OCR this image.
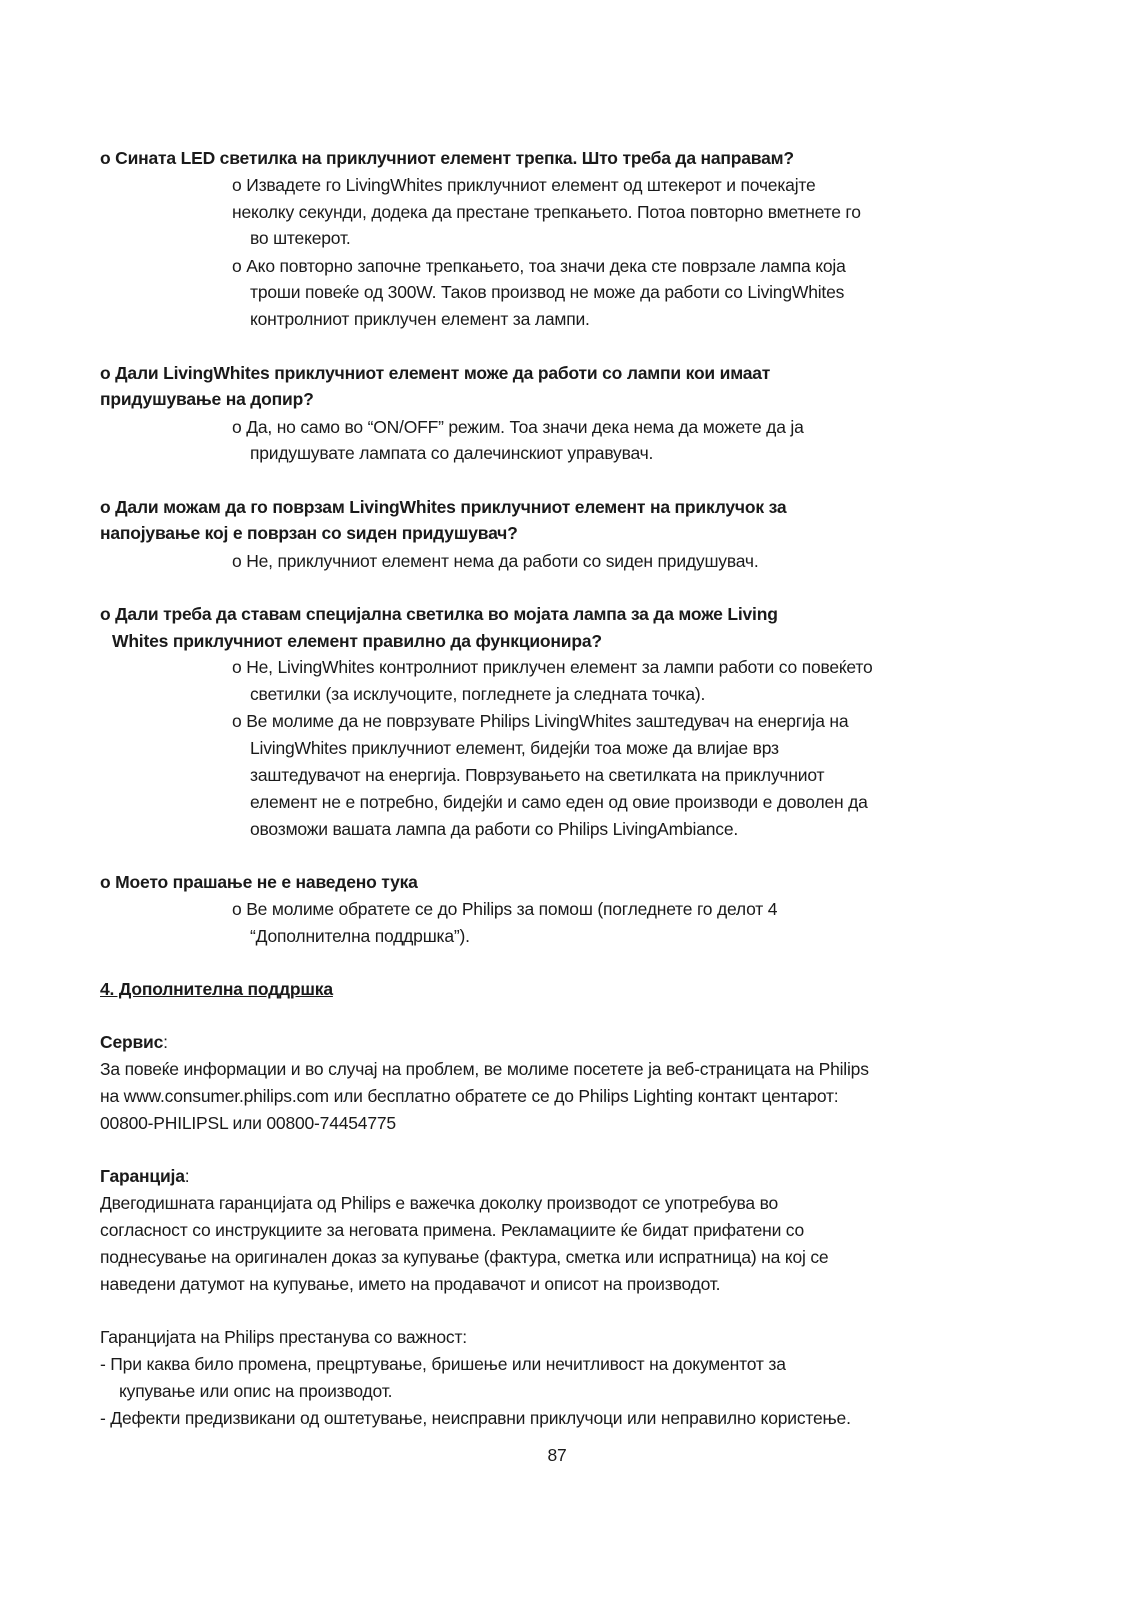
o Сината LED светилка на приклучниот елемент трепка. Што треба да направам?
o Извадете го LivingWhites приклучниот елемент од штекерот и почекајте
неколку секунди, додека да престане трепкањето. Потоа повторно вметнете го
во штекерот.
o Ако повторно започне трепкањето, тоа значи дека сте поврзале лампа која
троши повеќе од 300W. Таков производ не може да работи со LivingWhites
контролниот приклучен елемент за лампи.
o Дали LivingWhites приклучниот елемент може да работи со лампи кои имаат
придушување на допир?
o Да, но само во “ON/OFF” режим. Тоа значи дека нема да можете да ја
придушувате лампата со далечинскиот управувач.
o Дали можам да го поврзам LivingWhites приклучниот елемент на приклучок за
напојување кој е поврзан со ѕиден придушувач?
o Не, приклучниот елемент нема да работи со ѕиден придушувач.
o Дали треба да ставам специјална светилка во мојата лампа за да може Living
Whites приклучниот елемент правилно да функционира?
o Не, LivingWhites контролниот приклучен елемент за лампи работи со повеќето
светилки (за исклучоците, погледнете ја следната точка).
o Ве молиме да не поврзувате Philips LivingWhites заштедувач на енергија на
LivingWhites приклучниот елемент, бидејќи тоа може да влијае врз
заштедувачот на енергија. Поврзувањето на светилката на приклучниот
елемент не е потребно, бидејќи и само еден од овие производи е доволен да
овозможи вашата лампа да работи со Philips LivingAmbiance.
o Моето прашање не е наведено тука
o Ве молиме обратете се до Philips за помош (погледнете го делот 4
“Дополнителна поддршка”).
4. Дополнителна поддршка
Сервис:
За повеќе информации и во случај на проблем, ве молиме посетете ја веб-страницата на Philips
на www.consumer.philips.com или бесплатно обратете се до Philips Lighting контакт центарот:
00800-PHILIPSL или 00800-74454775
Гаранција:
Двегодишната гаранцијата од Philips е важечка доколку производот се употребува во
согласност со инструкциите за неговата примена. Рекламациите ќе бидат прифатени со
поднесување на оригинален доказ за купување (фактура, сметка или испратница) на кој се
наведени датумот на купување, името на продавачот и описот на производот.
Гаранцијата на Philips престанува со важност:
- При каква било промена, прецртување, бришење или нечитливост на документот за
купување или опис на производот.
- Дефекти предизвикани од оштетување, неисправни приклучоци или неправилно користење.
87
